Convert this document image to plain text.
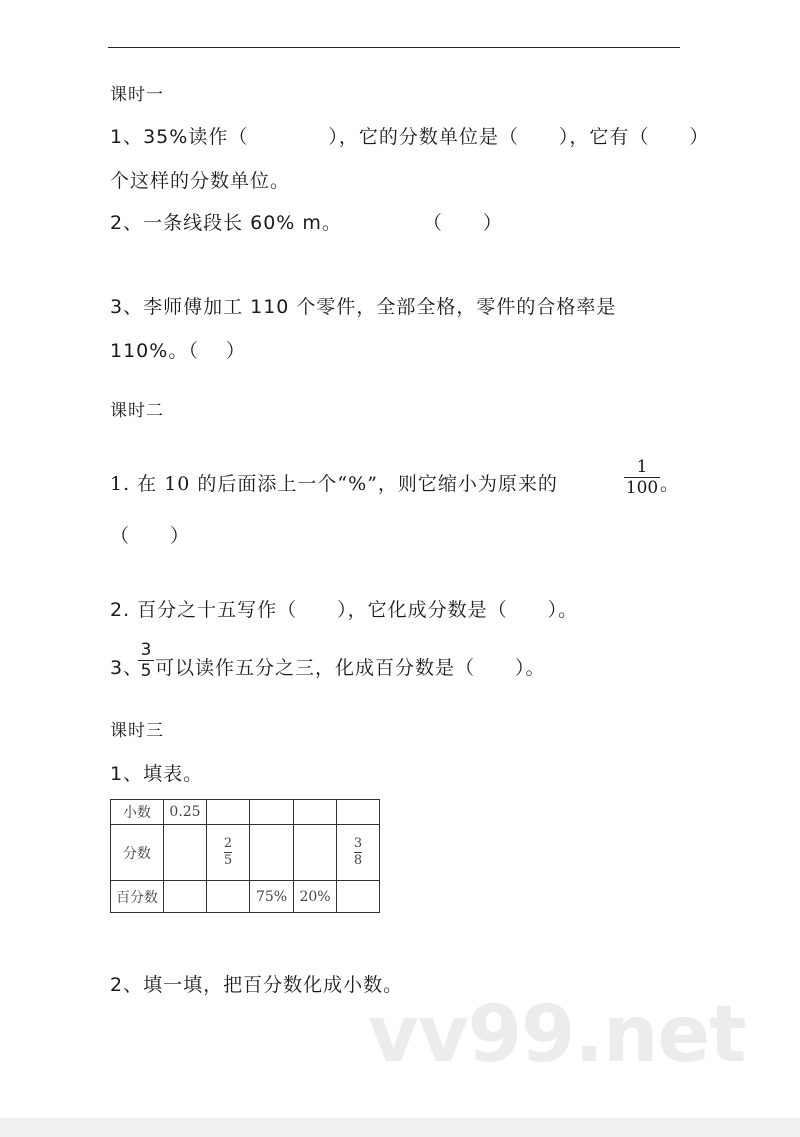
课时一
1、35%读作（　　　　），它的分数单位是（　　），它有（　　）
个这样的分数单位。
2、一条线段长 60% m。　　　　　（　　）
3、李师傅加工 110 个零件，全部全格，零件的合格率是
110%。（　 ）
课时二
1. 在 10 的后面添上一个“%”，则它缩小为原来的
1
100 。
（　　）
2. 百分之十五写作（　　），它化成分数是（　　）。
3、
3
5 可以读作五分之三，化成百分数是（　　）。
课时三
1、填表。
小数	0.25				
分数		$\frac{2}{5}$			$\frac{3}{8}$
百分数			75%	20%	
2、填一填，把百分数化成小数。
vv99.net
